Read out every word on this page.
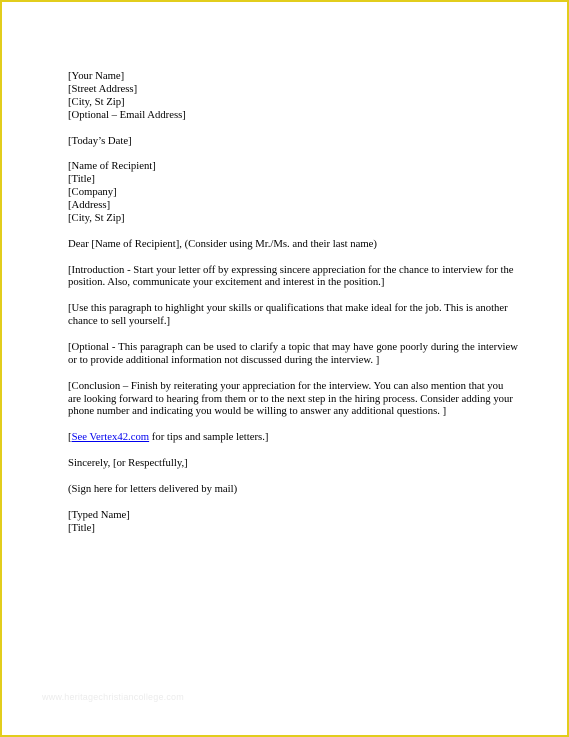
[Your Name]
[Street Address]
[City, St Zip]
[Optional – Email Address]
[Today’s Date]
[Name of Recipient]
[Title]
[Company]
[Address]
[City, St Zip]
Dear [Name of Recipient], (Consider using Mr./Ms. and their last name)
[Introduction - Start your letter off by expressing sincere appreciation for the chance to interview for the position. Also, communicate your excitement and interest in the position.]
[Use this paragraph to highlight your skills or qualifications that make ideal for the job. This is another chance to sell yourself.]
[Optional - This paragraph can be used to clarify a topic that may have gone poorly during the interview or to provide additional information not discussed during the interview. ]
[Conclusion – Finish by reiterating your appreciation for the interview. You can also mention that you are looking forward to hearing from them or to the next step in the hiring process. Consider adding your phone number and indicating you would be willing to answer any additional questions. ]
[See Vertex42.com for tips and sample letters.]
Sincerely, [or Respectfully,]
(Sign here for letters delivered by mail)
[Typed Name]
[Title]
www.heritagechristiancollege.com
